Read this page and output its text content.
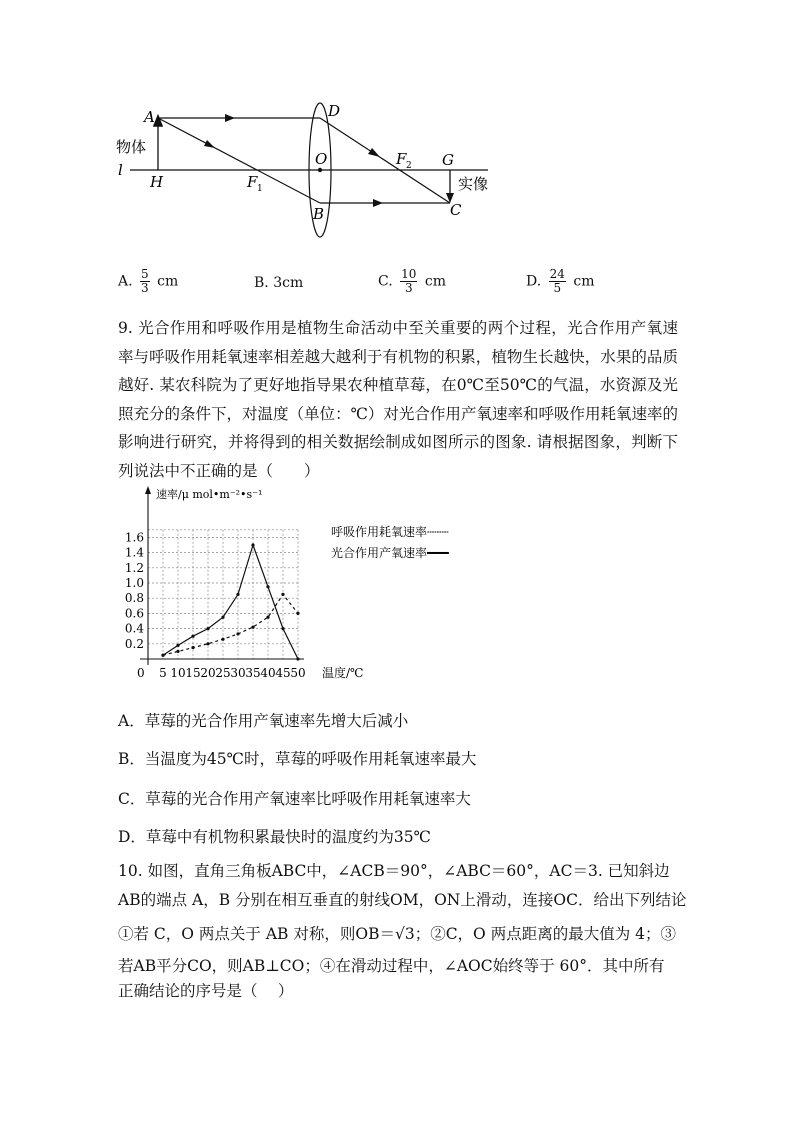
A	D
O	F 2 G
物体
l
H	F 1	实像
B	C
A. $\frac{5}{3}$ cm	B. 3cm	C. $\frac{10}{3}$ cm	D. $\frac{24}{5}$ cm
9. 光合作用和呼吸作用是植物生命活动中至关重要的两个过程，光合作用产氧速率与呼吸作用耗氧速率相差越大越利于有机物的积累，植物生长越快，水果的品质越好. 某农科院为了更好地指导果农种植草莓，在0℃至50℃的气温，水资源及光照充分的条件下，对温度（单位：℃）对光合作用产氧速率和呼吸作用耗氧速率的影响进行研究，并将得到的相关数据绘制成如图所示的图象. 请根据图象，判断下列说法中不正确的是（　　）
速率/μ mol•m⁻²•s⁻¹
温度/℃
0 5 10 15 20 25 30 35 40 45 50
0.2
0.4
0.6
0.8
1.0
1.2
1.4
1.6	呼吸作用耗氧速率┄┄┄
光合作用产氧速率━━━
A．草莓的光合作用产氧速率先增大后减小
B．当温度为45℃时，草莓的呼吸作用耗氧速率最大
C．草莓的光合作用产氧速率比呼吸作用耗氧速率大
D．草莓中有机物积累最快时的温度约为35℃
10. 如图，直角三角板ABC中，∠ACB＝90°，∠ABC＝60°，AC＝3. 已知斜边
AB的端点 A，B 分别在相互垂直的射线OM，ON上滑动，连接OC．给出下列结论
①若 C，O 两点关于 AB 对称，则OB＝√3；②C，O 两点距离的最大值为 4；③
若AB平分CO，则AB⊥CO；④在滑动过程中，∠AOC始终等于 60°．其中所有
正确结论的序号是（　 ）
